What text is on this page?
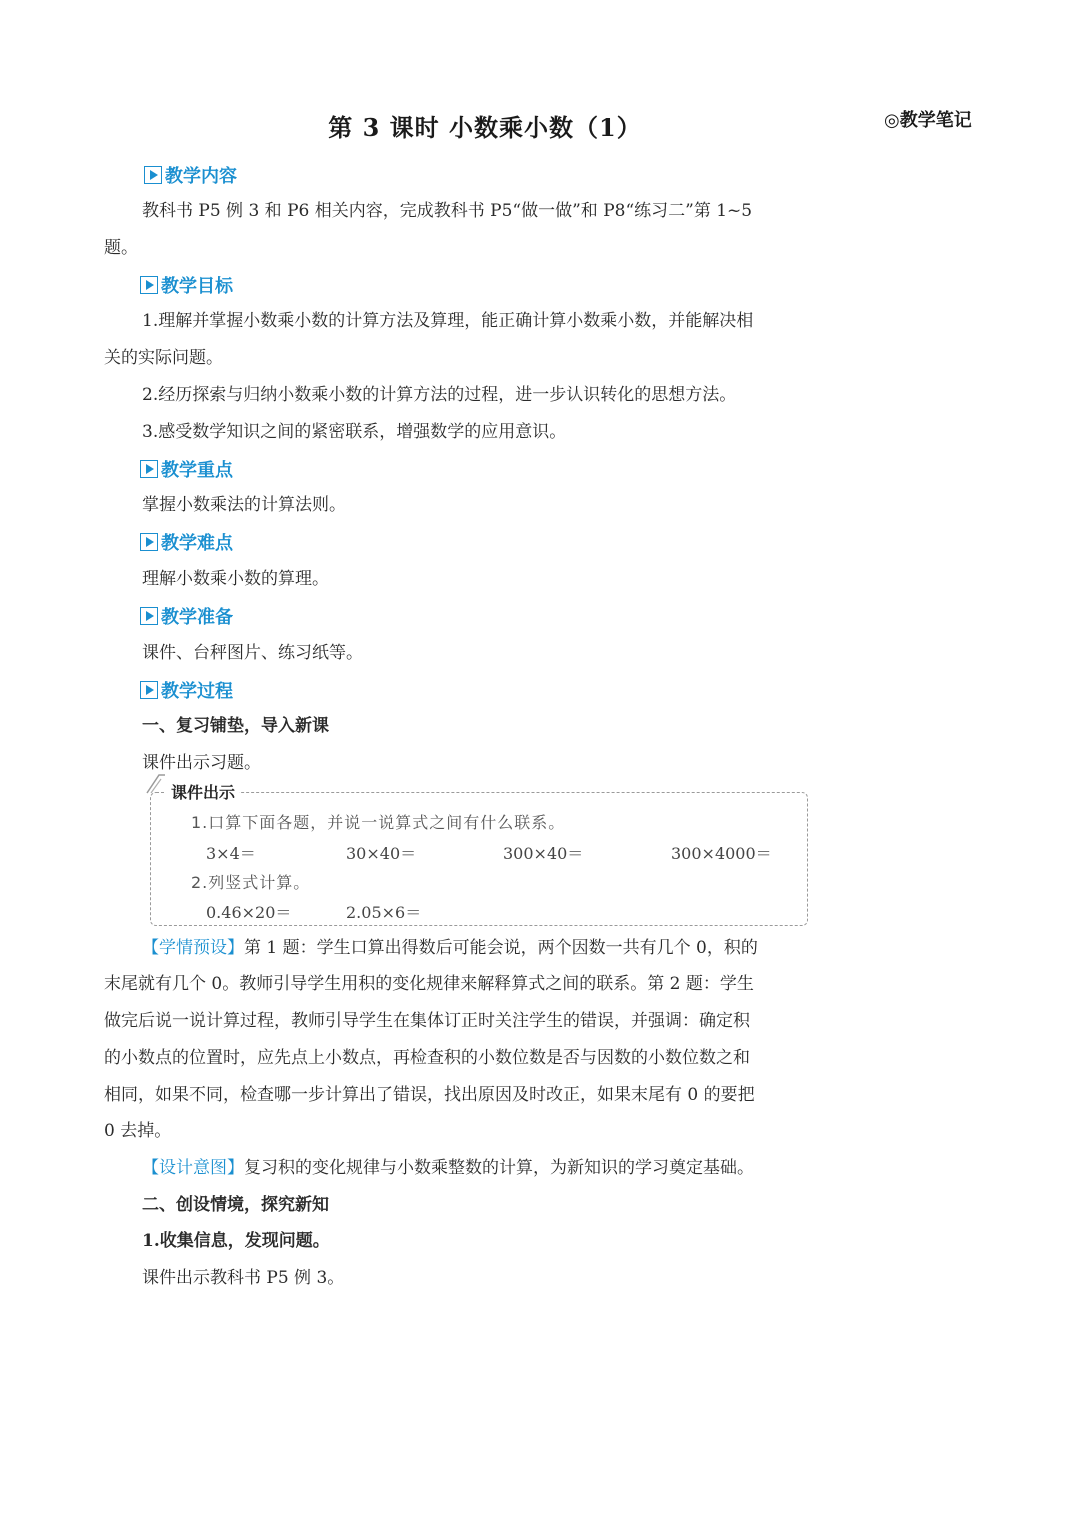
第 3 课时 小数乘小数（1）	◎教学笔记
教学内容
教科书 P5 例 3 和 P6 相关内容，完成教科书 P5“做一做”和 P8“练习二”第 1~5
题。
教学目标
1.理解并掌握小数乘小数的计算方法及算理，能正确计算小数乘小数，并能解决相
关的实际问题。
2.经历探索与归纳小数乘小数的计算方法的过程，进一步认识转化的思想方法。
3.感受数学知识之间的紧密联系，增强数学的应用意识。
教学重点
掌握小数乘法的计算法则。
教学难点
理解小数乘小数的算理。
教学准备
课件、台秤图片、练习纸等。
教学过程
一、复习铺垫，导入新课
课件出示习题。
课件出示
1.口算下面各题，并说一说算式之间有什么联系。
3×4＝	30×40＝	300×40＝	300×4000＝
2.列竖式计算。
0.46×20＝	2.05×6＝
【学情预设】第 1 题：学生口算出得数后可能会说，两个因数一共有几个 0，积的
末尾就有几个 0。教师引导学生用积的变化规律来解释算式之间的联系。第 2 题：学生
做完后说一说计算过程，教师引导学生在集体订正时关注学生的错误，并强调：确定积
的小数点的位置时，应先点上小数点，再检查积的小数位数是否与因数的小数位数之和
相同，如果不同，检查哪一步计算出了错误，找出原因及时改正，如果末尾有 0 的要把
0 去掉。
【设计意图】复习积的变化规律与小数乘整数的计算，为新知识的学习奠定基础。
二、创设情境，探究新知
1.收集信息，发现问题。
课件出示教科书 P5 例 3。
